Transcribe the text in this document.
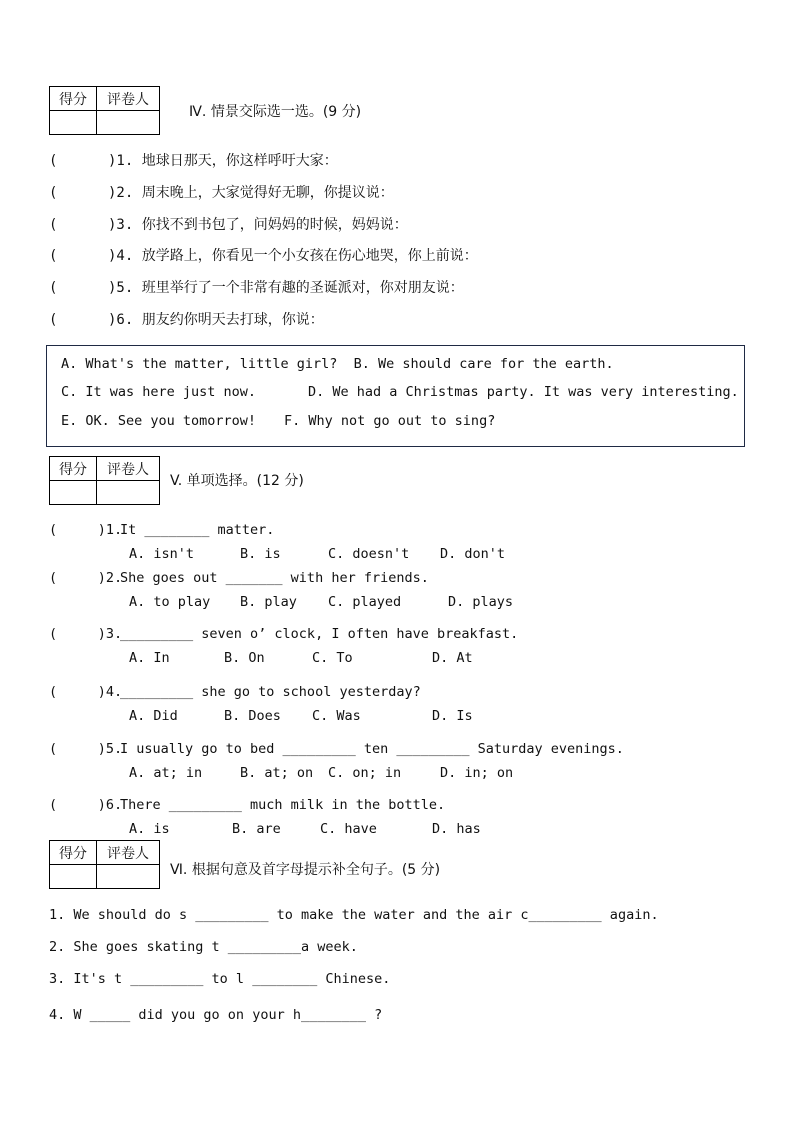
得分	评卷人

Ⅳ. 情景交际选一选。(9 分)
(      )1. 地球日那天，你这样呼吁大家：
(      )2. 周末晚上，大家觉得好无聊，你提议说：
(      )3. 你找不到书包了，问妈妈的时候，妈妈说：
(      )4. 放学路上，你看见一个小女孩在伤心地哭，你上前说：
(      )5. 班里举行了一个非常有趣的圣诞派对，你对朋友说：
(      )6. 朋友约你明天去打球，你说：
A. What's the matter, little girl?  B. We should care for the earth.
C. It was here just now.	D. We had a Christmas party. It was very interesting.
E. OK. See you tomorrow! F. Why not go out to sing?
得分	评卷人

V. 单项选择。(12 分)
(     )1.
It ________ matter.
A. isn't	B. is	C. doesn't D. don't
(     )2.
She goes out _______ with her friends.
A. to play B. play C. played	D. plays
(     )3.
_________ seven o’ clock, I often have breakfast.
A. In	B. On	C. To	D. At
(     )4.
_________ she go to school yesterday?
A. Did	B. Does C. Was	D. Is
(     )5.
I usually go to bed _________ ten _________ Saturday evenings.
A. at; in	B. at; on C. on; in	D. in; on
(     )6.
There _________ much milk in the bottle.
A. is	B. are	C. have	D. has
得分	评卷人

Ⅵ. 根据句意及首字母提示补全句子。(5 分)
1. We should do s _________ to make the water and the air c_________ again.
2. She goes skating t _________a week.
3. It's t _________ to l ________ Chinese.
4. W _____ did you go on your h________ ?
